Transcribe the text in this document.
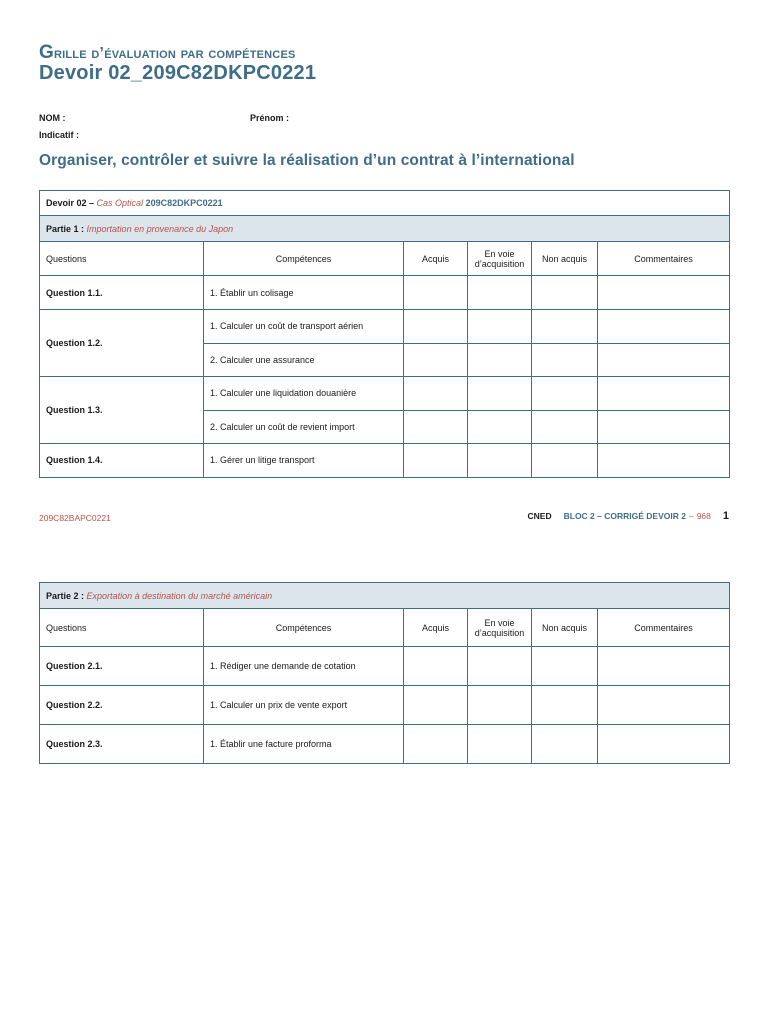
Grille d’évaluation par compétences
Devoir 02_209C82DKPC0221
NOM :	Prénom :
Indicatif :
Organiser, contrôler et suivre la réalisation d’un contrat à l’international
Devoir 02 – Cas Optical 209C82DKPC0221					
Partie 1 : Importation en provenance du Japon					
Questions	Compétences	Acquis	En voie d’acquisition	Non acquis	Commentaires
Question 1.1.	1. Établir un colisage				
Question 1.2.	1. Calculer un coût de transport aérien				
	2. Calculer une assurance				
Question 1.3.	1. Calculer une liquidation douanière				
	2. Calculer un coût de revient import				
Question 1.4.	1. Gérer un litige transport				
209C82BAPC0221	CNED BLOC 2 – CORRIGÉ DEVOIR 2 – 968 1
Partie 2 : Exportation à destination du marché américain					
Questions	Compétences	Acquis	En voie d’acquisition	Non acquis	Commentaires
Question 2.1.	1. Rédiger une demande de cotation				
Question 2.2.	1. Calculer un prix de vente export				
Question 2.3.	1. Établir une facture proforma				
